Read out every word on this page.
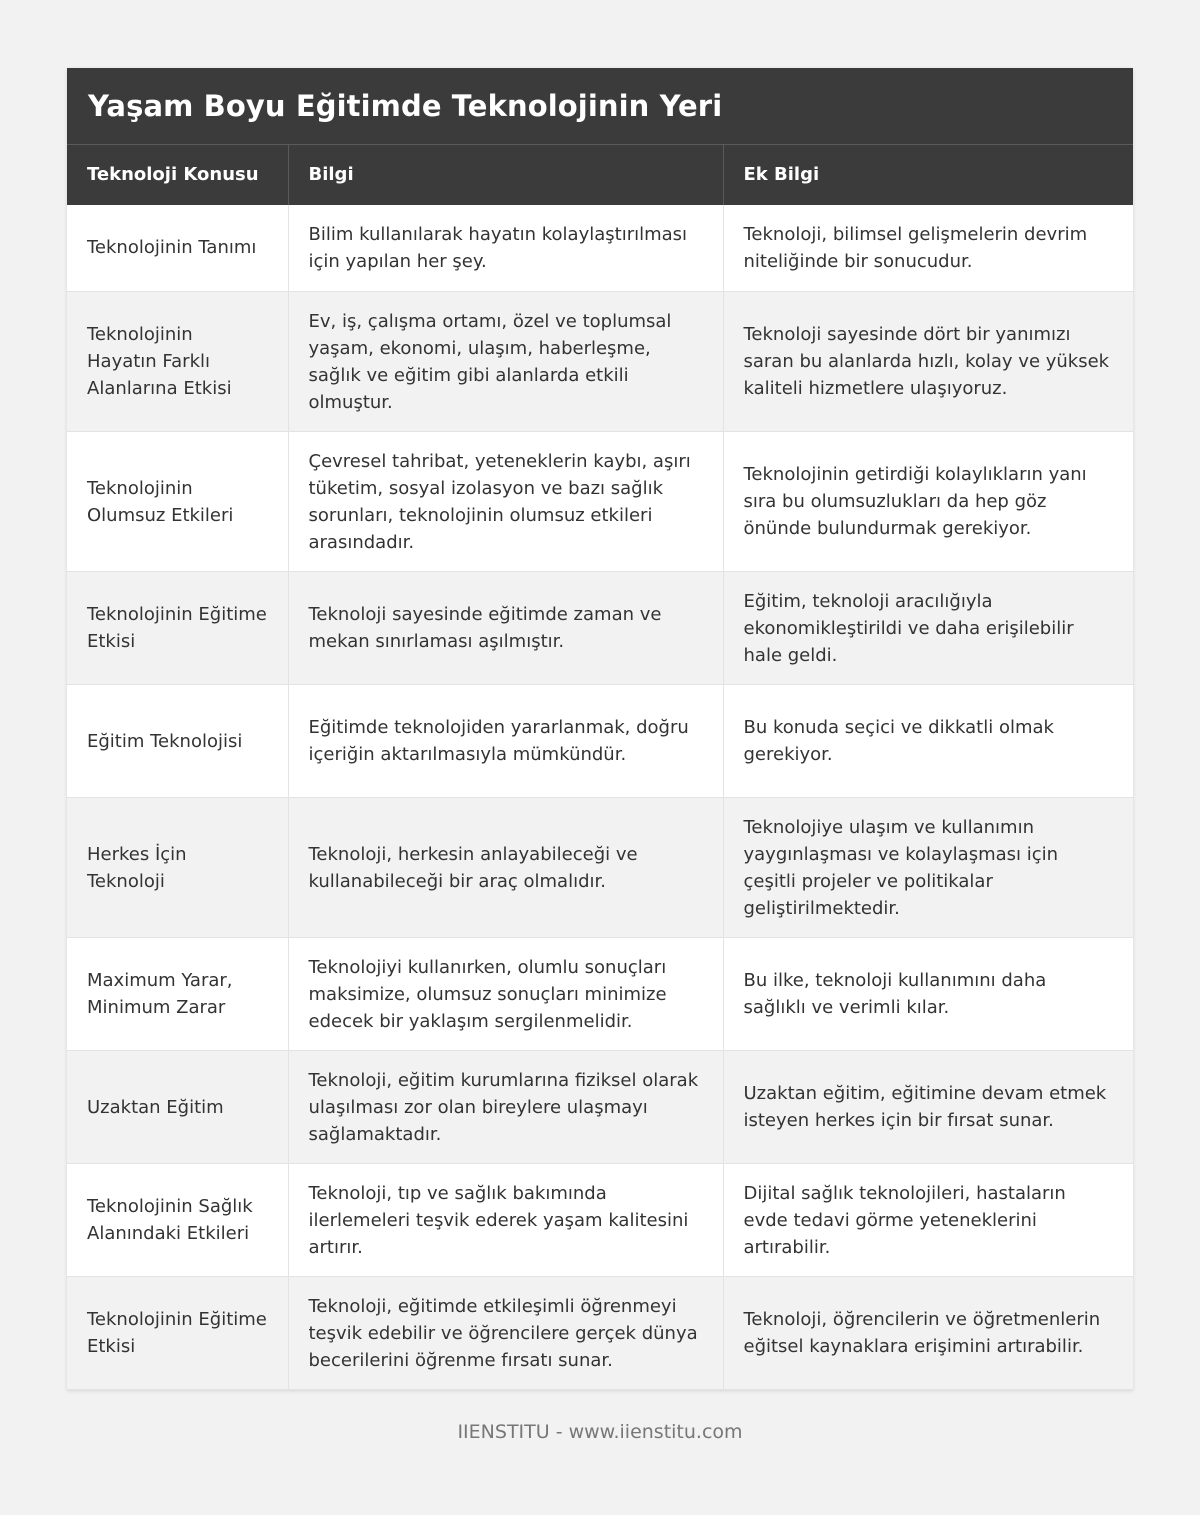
Yaşam Boyu Eğitimde Teknolojinin Yeri
Teknoloji Konusu	Bilgi	Ek Bilgi
Teknolojinin Tanımı	Bilim kullanılarak hayatın kolaylaştırılması için yapılan her şey.	Teknoloji, bilimsel gelişmelerin devrim niteliğinde bir sonucudur.
Teknolojinin Hayatın Farklı Alanlarına Etkisi	Ev, iş, çalışma ortamı, özel ve toplumsal yaşam, ekonomi, ulaşım, haberleşme, sağlık ve eğitim gibi alanlarda etkili olmuştur.	Teknoloji sayesinde dört bir yanımızı saran bu alanlarda hızlı, kolay ve yüksek kaliteli hizmetlere ulaşıyoruz.
Teknolojinin Olumsuz Etkileri	Çevresel tahribat, yeteneklerin kaybı, aşırı tüketim, sosyal izolasyon ve bazı sağlık sorunları, teknolojinin olumsuz etkileri arasındadır.	Teknolojinin getirdiği kolaylıkların yanı sıra bu olumsuzlukları da hep göz önünde bulundurmak gerekiyor.
Teknolojinin Eğitime Etkisi	Teknoloji sayesinde eğitimde zaman ve mekan sınırlaması aşılmıştır.	Eğitim, teknoloji aracılığıyla ekonomikleştirildi ve daha erişilebilir hale geldi.
Eğitim Teknolojisi	Eğitimde teknolojiden yararlanmak, doğru içeriğin aktarılmasıyla mümkündür.	Bu konuda seçici ve dikkatli olmak gerekiyor.
Herkes İçin Teknoloji	Teknoloji, herkesin anlayabileceği ve kullanabileceği bir araç olmalıdır.	Teknolojiye ulaşım ve kullanımın yaygınlaşması ve kolaylaşması için çeşitli projeler ve politikalar geliştirilmektedir.
Maximum Yarar, Minimum Zarar	Teknolojiyi kullanırken, olumlu sonuçları maksimize, olumsuz sonuçları minimize edecek bir yaklaşım sergilenmelidir.	Bu ilke, teknoloji kullanımını daha sağlıklı ve verimli kılar.
Uzaktan Eğitim	Teknoloji, eğitim kurumlarına fiziksel olarak ulaşılması zor olan bireylere ulaşmayı sağlamaktadır.	Uzaktan eğitim, eğitimine devam etmek isteyen herkes için bir fırsat sunar.
Teknolojinin Sağlık Alanındaki Etkileri	Teknoloji, tıp ve sağlık bakımında ilerlemeleri teşvik ederek yaşam kalitesini artırır.	Dijital sağlık teknolojileri, hastaların evde tedavi görme yeteneklerini artırabilir.
Teknolojinin Eğitime Etkisi	Teknoloji, eğitimde etkileşimli öğrenmeyi teşvik edebilir ve öğrencilere gerçek dünya becerilerini öğrenme fırsatı sunar.	Teknoloji, öğrencilerin ve öğretmenlerin eğitsel kaynaklara erişimini artırabilir.
IIENSTITU - www.iienstitu.com
